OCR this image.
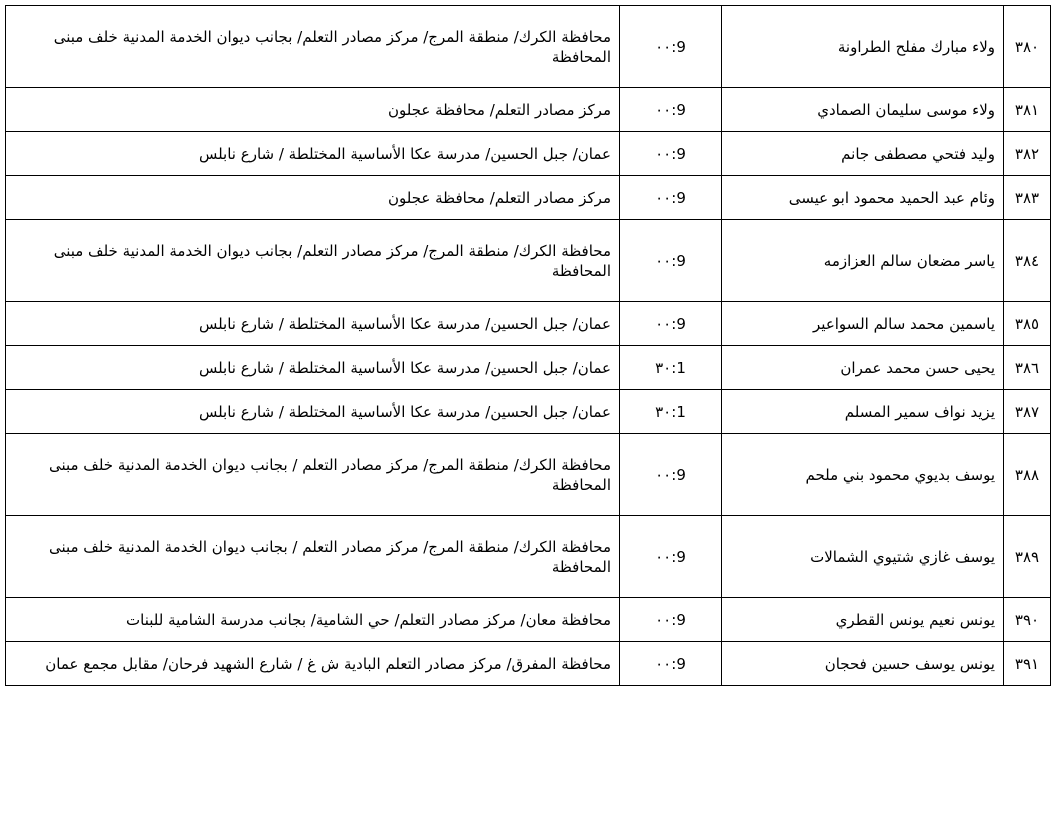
٣٨٠	ولاء مبارك مفلح الطراونة	9:٠٠	محافظة الكرك/ منطقة المرج/ مركز مصادر التعلم/ بجانب ديوان الخدمة المدنية خلف مبنى المحافظة
٣٨١	ولاء موسى سليمان الصمادي	9:٠٠	مركز مصادر التعلم/ محافظة عجلون
٣٨٢	وليد فتحي مصطفى جانم	9:٠٠	عمان/ جبل الحسين/ مدرسة عكا الأساسية المختلطة / شارع نابلس
٣٨٣	وئام عبد الحميد محمود ابو عيسى	9:٠٠	مركز مصادر التعلم/ محافظة عجلون
٣٨٤	ياسر مضعان سالم العزازمه	9:٠٠	محافظة الكرك/ منطقة المرج/ مركز مصادر التعلم/ بجانب ديوان الخدمة المدنية خلف مبنى المحافظة
٣٨٥	ياسمين محمد سالم السواعير	9:٠٠	عمان/ جبل الحسين/ مدرسة عكا الأساسية المختلطة / شارع نابلس
٣٨٦	يحيى حسن محمد عمران	1:٣٠	عمان/ جبل الحسين/ مدرسة عكا الأساسية المختلطة / شارع نابلس
٣٨٧	يزيد نواف سمير المسلم	1:٣٠	عمان/ جبل الحسين/ مدرسة عكا الأساسية المختلطة / شارع نابلس
٣٨٨	يوسف بديوي محمود بني ملحم	9:٠٠	محافظة الكرك/ منطقة المرج/ مركز مصادر التعلم / بجانب ديوان الخدمة المدنية خلف مبنى المحافظة
٣٨٩	يوسف غازي شتيوي الشمالات	9:٠٠	محافظة الكرك/ منطقة المرج/ مركز مصادر التعلم / بجانب ديوان الخدمة المدنية خلف مبنى المحافظة
٣٩٠	يونس نعيم يونس القطري	9:٠٠	محافظة معان/ مركز مصادر التعلم/ حي الشامية/ بجانب مدرسة الشامية للبنات
٣٩١	يونس يوسف حسين فحجان	9:٠٠	محافظة المفرق/ مركز مصادر التعلم البادية ش غ / شارع الشهيد فرحان/ مقابل مجمع عمان
